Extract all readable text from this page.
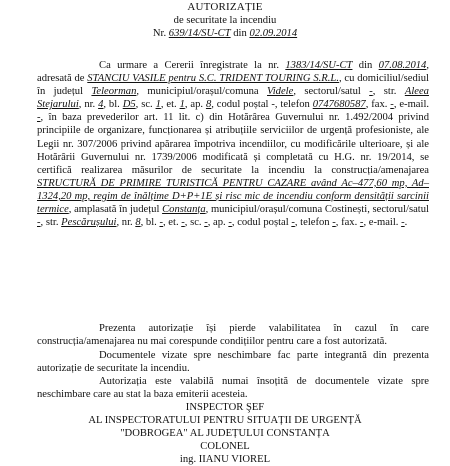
AUTORIZAȚIE
de securitate la incendiu
Nr. 639/14/SU-CT din 02.09.2014
Ca urmare a Cererii înregistrate la nr. 1383/14/SU-CT din 07.08.2014, adresată de STANCIU VASILE pentru S.C. TRIDENT TOURING S.R.L., cu domiciliul/sediul în județul Teleorman, municipiul/orașul/comuna Videle, sectorul/satul -, str. Aleea Stejarului, nr. 4, bl. D5, sc. 1, et. 1, ap. 8, codul poștal -, telefon 0747680587, fax. -, e-mail. -, în baza prevederilor art. 11 lit. c) din Hotărârea Guvernului nr. 1.492/2004 privind principiile de organizare, funcționarea și atribuțiile serviciilor de urgență profesioniste, ale Legii nr. 307/2006 privind apărarea împotriva incendiilor, cu modificările ulterioare, și ale Hotărârii Guvernului nr. 1739/2006 modificată și completată cu H.G. nr. 19/2014, se certifică realizarea măsurilor de securitate la incendiu la construcția/amenajarea STRUCTURĂ DE PRIMIRE TURISTICĂ PENTRU CAZARE având Ac–477,60 mp, Ad–1324,20 mp, regim de înălțime D+P+1E și risc mic de incendiu conform densității sarcinii termice, amplasată în județul Constanța, municipiul/orașul/comuna Costinești, sectorul/satul -, str. Pescărușului, nr. 8, bl. -, et. -, sc. -, ap. -, codul poștal -, telefon -, fax. -, e-mail. -.
Prezenta autorizație își pierde valabilitatea în cazul în care construcția/amenajarea nu mai corespunde condițiilor pentru care a fost autorizată.
Documentele vizate spre neschimbare fac parte integrantă din prezenta autorizație de securitate la incendiu.
Autorizația este valabilă numai însoțită de documentele vizate spre neschimbare care au stat la baza emiterii acesteia.
INSPECTOR ŞEF
AL INSPECTORATULUI PENTRU SITUAȚII DE URGENȚĂ
"DOBROGEA" AL JUDEȚULUI CONSTANȚA
COLONEL
ing. IIANU VIOREL
